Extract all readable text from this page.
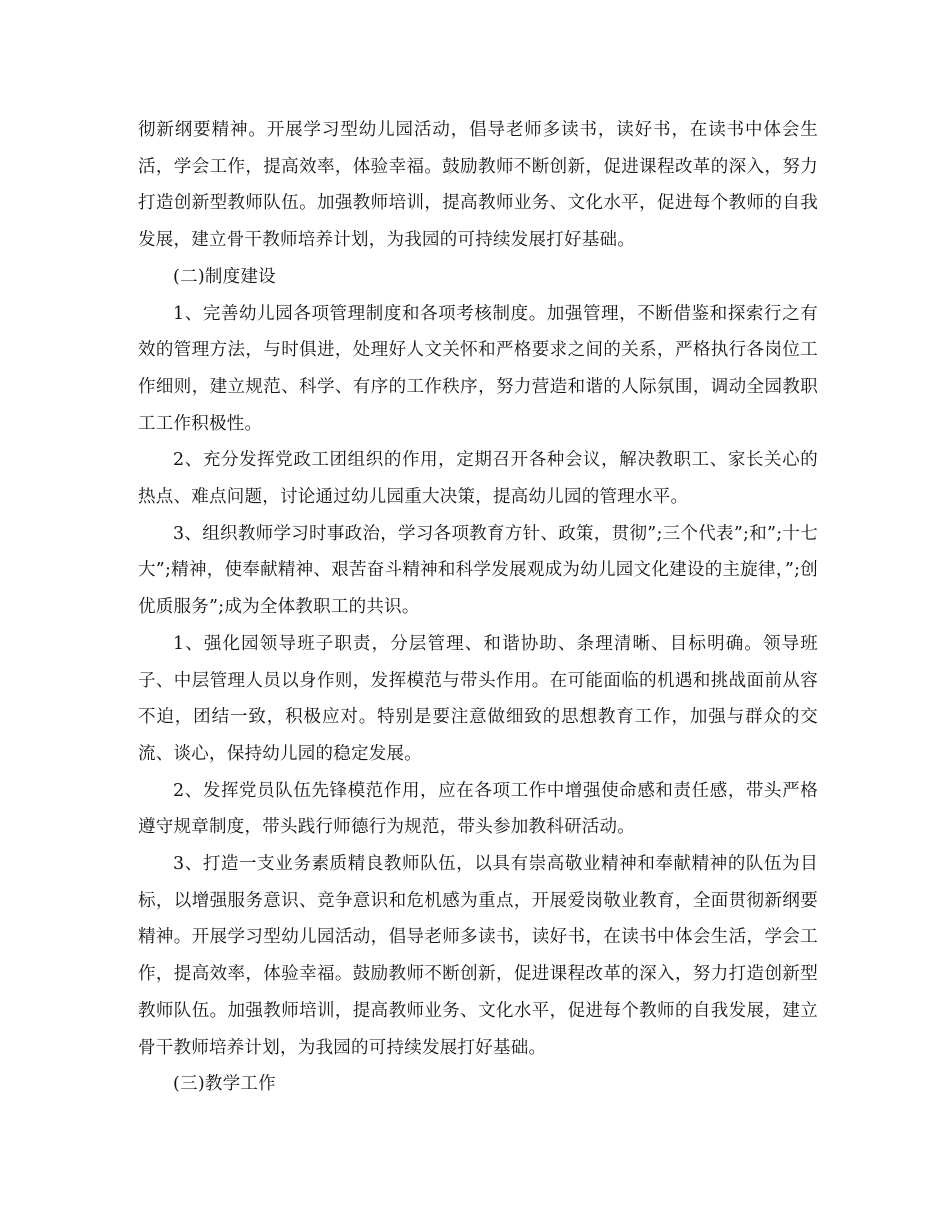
彻新纲要精神。开展学习型幼儿园活动，倡导老师多读书，读好书，在读书中体会生活，学会工作，提高效率，体验幸福。鼓励教师不断创新，促进课程改革的深入，努力打造创新型教师队伍。加强教师培训，提高教师业务、文化水平，促进每个教师的自我发展，建立骨干教师培养计划，为我园的可持续发展打好基础。

(二)制度建设

1、完善幼儿园各项管理制度和各项考核制度。加强管理，不断借鉴和探索行之有效的管理方法，与时俱进，处理好人文关怀和严格要求之间的关系，严格执行各岗位工作细则，建立规范、科学、有序的工作秩序，努力营造和谐的人际氛围，调动全园教职工工作积极性。

2、充分发挥党政工团组织的作用，定期召开各种会议，解决教职工、家长关心的热点、难点问题，讨论通过幼儿园重大决策，提高幼儿园的管理水平。

3、组织教师学习时事政治，学习各项教育方针、政策，贯彻”;三个代表”;和”;十七大”;精神，使奉献精神、艰苦奋斗精神和科学发展观成为幼儿园文化建设的主旋律，”;创优质服务”;成为全体教职工的共识。

1、强化园领导班子职责，分层管理、和谐协助、条理清晰、目标明确。领导班子、中层管理人员以身作则，发挥模范与带头作用。在可能面临的机遇和挑战面前从容不迫，团结一致，积极应对。特别是要注意做细致的思想教育工作，加强与群众的交流、谈心，保持幼儿园的稳定发展。

2、发挥党员队伍先锋模范作用，应在各项工作中增强使命感和责任感，带头严格遵守规章制度，带头践行师德行为规范，带头参加教科研活动。

3、打造一支业务素质精良教师队伍，以具有崇高敬业精神和奉献精神的队伍为目标，以增强服务意识、竞争意识和危机感为重点，开展爱岗敬业教育，全面贯彻新纲要精神。开展学习型幼儿园活动，倡导老师多读书，读好书，在读书中体会生活，学会工作，提高效率，体验幸福。鼓励教师不断创新，促进课程改革的深入，努力打造创新型教师队伍。加强教师培训，提高教师业务、文化水平，促进每个教师的自我发展，建立骨干教师培养计划，为我园的可持续发展打好基础。

(三)教学工作
